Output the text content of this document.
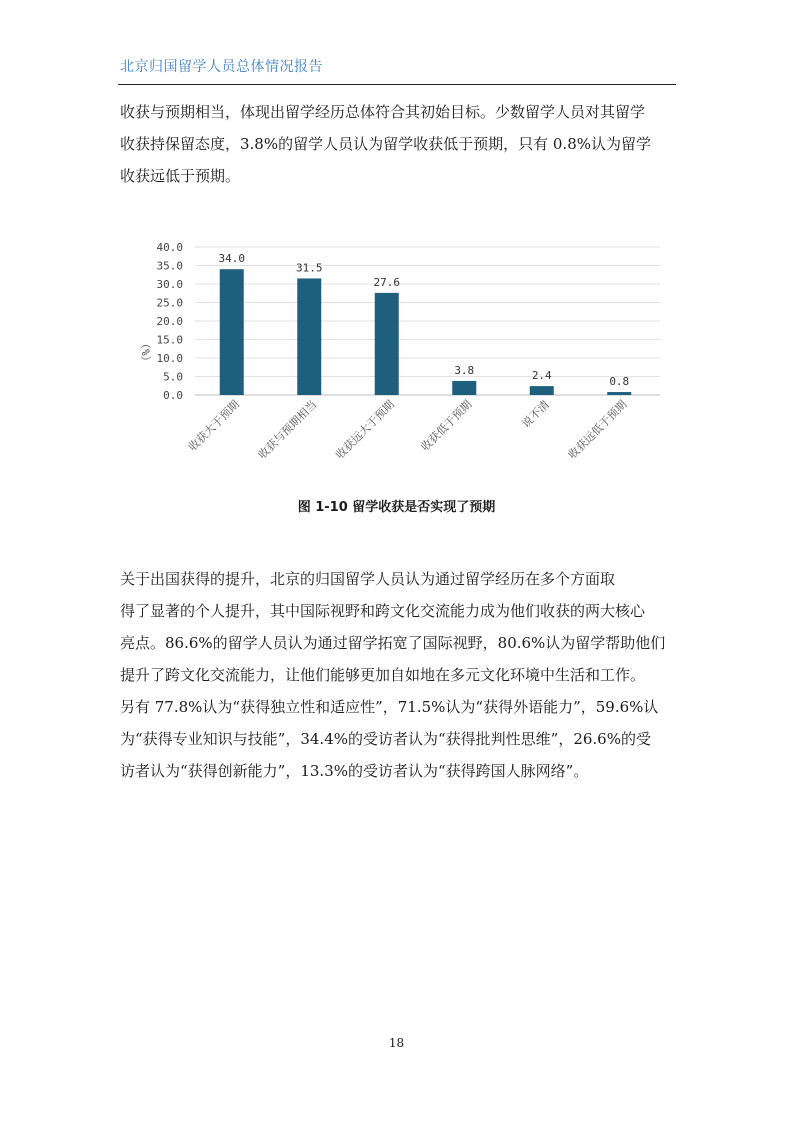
北京归国留学人员总体情况报告

收获与预期相当，体现出留学经历总体符合其初始目标。少数留学人员对其留学

收获持保留态度，3.8%的留学人员认为留学收获低于预期，只有 0.8%认为留学

收获远低于预期。

40.0
35.0
30.0
25.0
20.0
15.0
10.0
5.0
0.0
34.0
31.5
27.6
3.8	2.4	0.8
收获大于预期 收获与预期相当 收获远大于预期 收获低于预期	说不清 收获远低于预期
（%）
图 1-10 留学收获是否实现了预期

关于出国获得的提升，北京的归国留学人员认为通过留学经历在多个方面取

得了显著的个人提升，其中国际视野和跨文化交流能力成为他们收获的两大核心

亮点。86.6%的留学人员认为通过留学拓宽了国际视野，80.6%认为留学帮助他们

提升了跨文化交流能力，让他们能够更加自如地在多元文化环境中生活和工作。

另有 77.8%认为“获得独立性和适应性”，71.5%认为“获得外语能力”，59.6%认

为“获得专业知识与技能”，34.4%的受访者认为“获得批判性思维”，26.6%的受

访者认为“获得创新能力”，13.3%的受访者认为“获得跨国人脉网络”。

18
